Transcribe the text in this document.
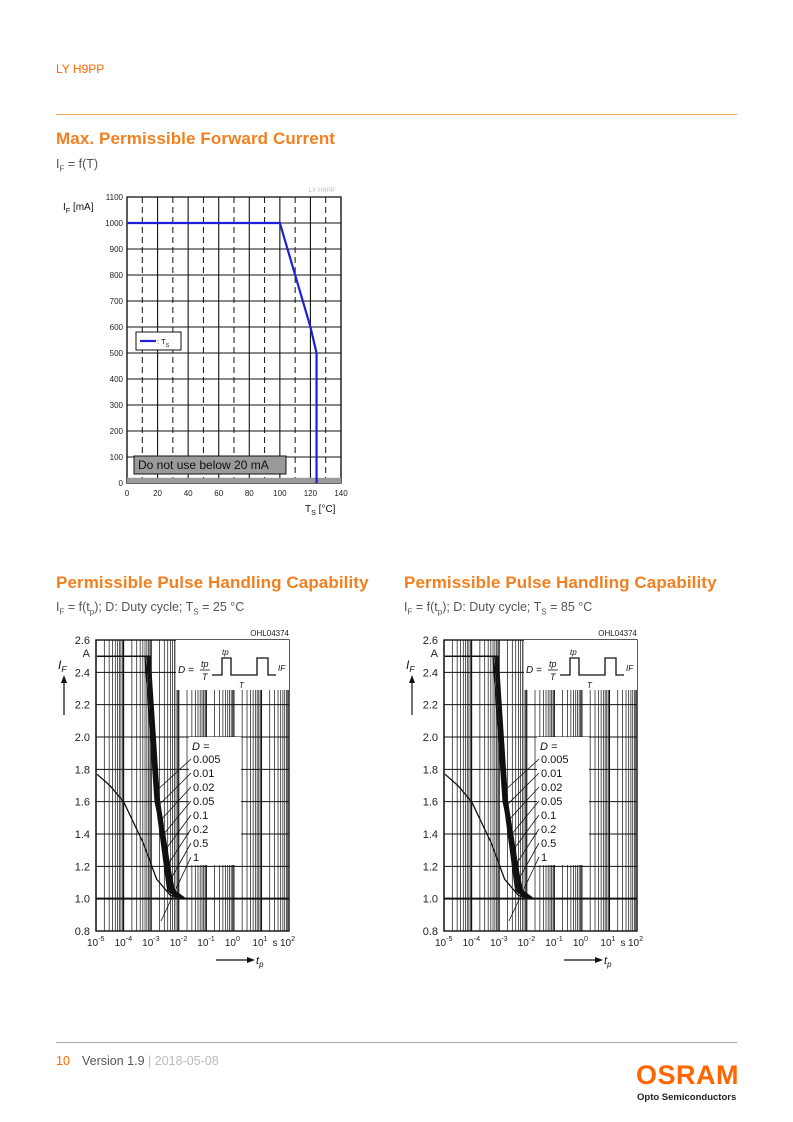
LY H9PP
Max. Permissible Forward Current
$I_F = f(T)$
0
100
200
300
400
500
600
700
800
900
1000
1100
0	20	40	60	80 100 120 140
$I_F$ [mA]
$T_S$ [°C]
LY H9PP
: $T_S$
Do not use below 20 mA
Permissible Pulse Handling Capability
$I_F = f(t_p)$; D: Duty cycle; $T_S = 25$ °C
Permissible Pulse Handling Capability
$I_F = f(t_p)$; D: Duty cycle; $T_S = 85$ °C
0.8
1.0
1.2
1.4
1.6
1.8
2.0
2.2
2.4
2.6
A
$I_F$
$10^{-5}$ $10^{-4}$ $10^{-3}$ $10^{-2}$ $10^{-1}$ $10^0$ $10^1$ s $10^2$
$t_p$
OHL04374
D =
tp
T
tp
T
IF
D =
0.005
0.01
0.02
0.05
0.1
0.2
0.5
1
0.8
1.0
1.2
1.4
1.6
1.8
2.0
2.2
2.4
2.6
A
$I_F$
$10^{-5}$ $10^{-4}$ $10^{-3}$ $10^{-2}$ $10^{-1}$ $10^0$ $10^1$ s $10^2$
$t_p$
OHL04374
D =
tp
T
tp
T
IF
D =
0.005
0.01
0.02
0.05
0.1
0.2
0.5
1
10 Version 1.9 | 2018-05-08	OSRAM
Opto Semiconductors
